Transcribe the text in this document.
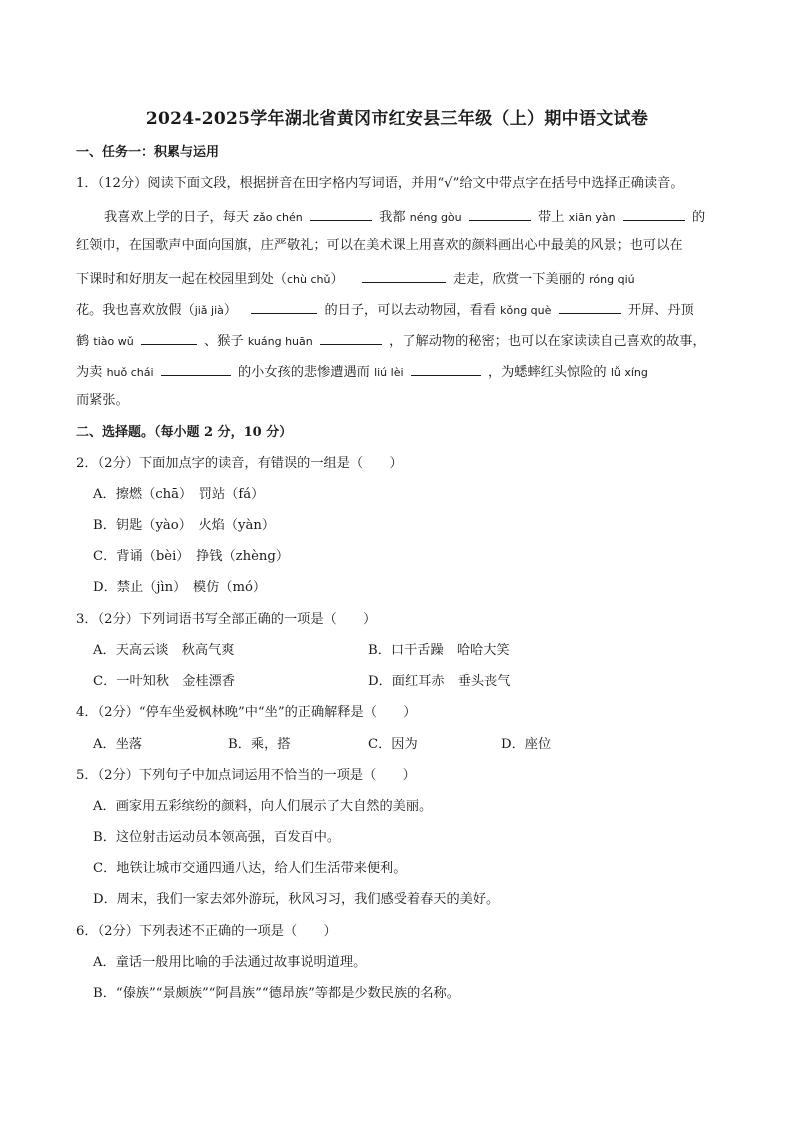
2024-2025学年湖北省黄冈市红安县三年级（上）期中语文试卷
一、任务一：积累与运用
1．（12分）阅读下面文段，根据拼音在田字格内写词语，并用“√”给文中带点字在括号中选择正确读音。
我喜欢上学的日子，每天 zǎo chén	我都 néng gòu	带上 xiān yàn	的
红领巾，在国歌声中面向国旗，庄严敬礼；可以在美术课上用喜欢的颜料画出心中最美的风景；也可以在
下课时和好朋友一起在校园里到处（chù chǔ）	走走，欣赏一下美丽的 róng qiú
花。我也喜欢放假（jiǎ jià）	的日子，可以去动物园，看看 kǒng què	开屏、丹顶
鹤 tiào wǔ	、猴子 kuáng huān	，了解动物的秘密；也可以在家读读自己喜欢的故事，
为卖 huǒ chái	的小女孩的悲惨遭遇而 liú lèi	，为蟋蟀红头惊险的 lǚ xíng
而紧张。
二、选择题。（每小题 2 分，10 分）
2．（2分）下面加点字的读音，有错误的一组是（　　）
A．擦燃（chā）　罚站（fá）
B．钥匙（yào）　火焰（yàn）
C．背诵（bèi）　挣钱（zhèng）
D．禁止（jìn）　模仿（mó）
3．（2分）下列词语书写全部正确的一项是（　　）
A．天高云谈　秋高气爽	B．口干舌躁　哈哈大笑
C．一叶知秋　金桂漂香	D．面红耳赤　垂头丧气
4．（2分）“停车坐爱枫林晚”中“坐”的正确解释是（　　）
A．坐落	B．乘，搭	C．因为	D．座位
5．（2分）下列句子中加点词运用不恰当的一项是（　　）
A．画家用五彩缤纷的颜料，向人们展示了大自然的美丽。
B．这位射击运动员本领高强，百发百中。
C．地铁让城市交通四通八达，给人们生活带来便利。
D．周末，我们一家去郊外游玩，秋风习习，我们感受着春天的美好。
6．（2分）下列表述不正确的一项是（　　）
A．童话一般用比喻的手法通过故事说明道理。
B．“傣族”“景颇族”“阿昌族”“德昂族”等都是少数民族的名称。
